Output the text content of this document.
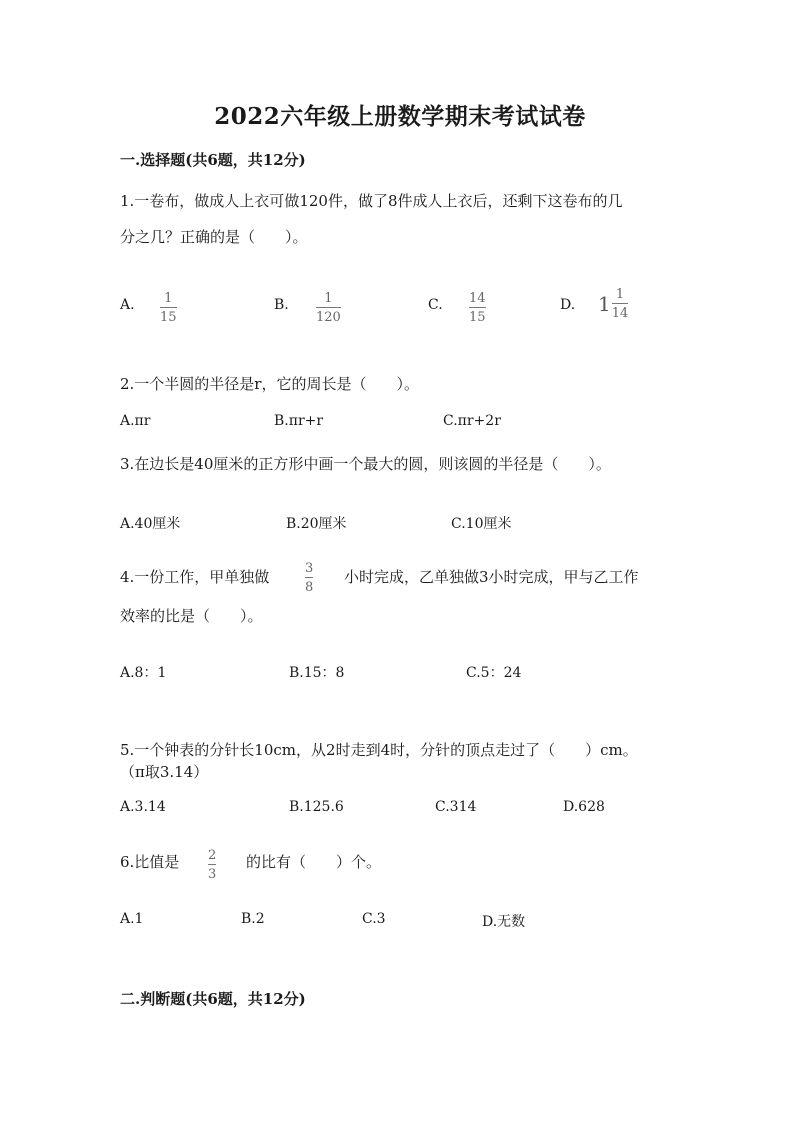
2022六年级上册数学期末考试试卷
一.选择题(共6题，共12分)
1.一卷布，做成人上衣可做120件，做了8件成人上衣后，还剩下这卷布的几
分之几？正确的是（　　）。
A. $\frac{1}{15}$	B. $\frac{1}{120}$	C. $\frac{14}{15}$	D. $1 \frac{1}{14}$
2.一个半圆的半径是r，它的周长是（　　）。
A.πr	B.πr+r	C.πr+2r
3.在边长是40厘米的正方形中画一个最大的圆，则该圆的半径是（　　）。
A.40厘米	B.20厘米	C.10厘米
4.一份工作，甲单独做	$\frac{3}{8}$ 小时完成，乙单独做3小时完成，甲与乙工作
效率的比是（　　）。
A.8：1	B.15：8	C.5：24
5.一个钟表的分针长10cm，从2时走到4时，分针的顶点走过了（　　）cm。
（π取3.14）
A.3.14	B.125.6	C.314	D.628
6.比值是 $\frac{2}{3}$ 的比有（　　）个。
A.1	B.2	C.3	D.无数
二.判断题(共6题，共12分)
